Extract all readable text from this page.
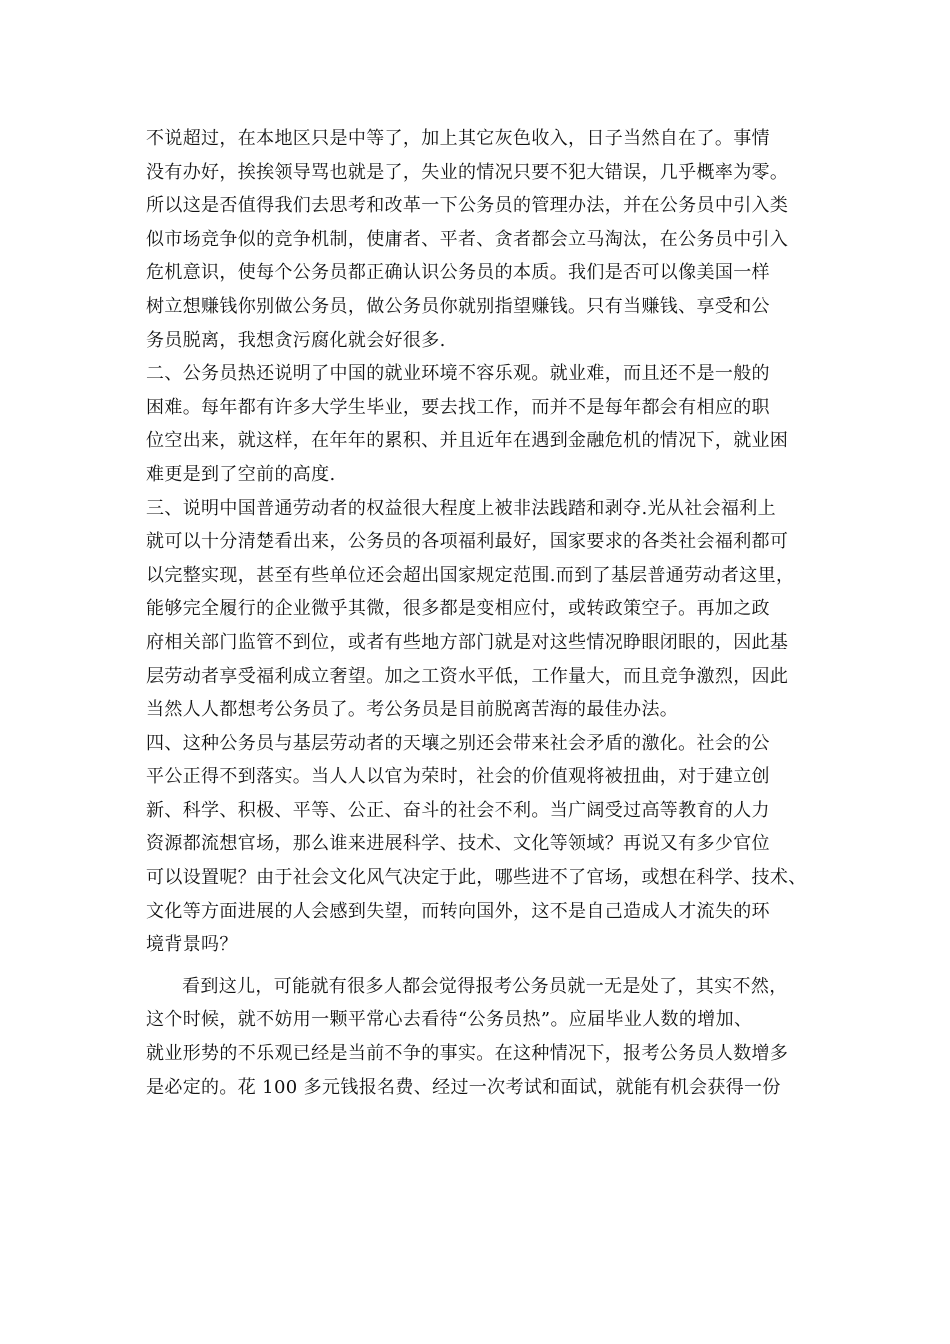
不说超过，在本地区只是中等了，加上其它灰色收入，日子当然自在了。事情
没有办好，挨挨领导骂也就是了，失业的情况只要不犯大错误，几乎概率为零。
所以这是否值得我们去思考和改革一下公务员的管理办法，并在公务员中引入类
似市场竞争似的竞争机制，使庸者、平者、贪者都会立马淘汰，在公务员中引入
危机意识，使每个公务员都正确认识公务员的本质。我们是否可以像美国一样
树立想赚钱你别做公务员，做公务员你就别指望赚钱。只有当赚钱、享受和公
务员脱离，我想贪污腐化就会好很多.
二、公务员热还说明了中国的就业环境不容乐观。就业难，而且还不是一般的
困难。每年都有许多大学生毕业，要去找工作，而并不是每年都会有相应的职
位空出来，就这样，在年年的累积、并且近年在遇到金融危机的情况下，就业困
难更是到了空前的高度.
三、说明中国普通劳动者的权益很大程度上被非法践踏和剥夺.光从社会福利上
就可以十分清楚看出来，公务员的各项福利最好，国家要求的各类社会福利都可
以完整实现，甚至有些单位还会超出国家规定范围.而到了基层普通劳动者这里，
能够完全履行的企业微乎其微，很多都是变相应付，或转政策空子。再加之政
府相关部门监管不到位，或者有些地方部门就是对这些情况睁眼闭眼的，因此基
层劳动者享受福利成立奢望。加之工资水平低，工作量大，而且竞争激烈，因此
当然人人都想考公务员了。考公务员是目前脱离苦海的最佳办法。
四、这种公务员与基层劳动者的天壤之别还会带来社会矛盾的激化。社会的公
平公正得不到落实。当人人以官为荣时，社会的价值观将被扭曲，对于建立创
新、科学、积极、平等、公正、奋斗的社会不利。当广阔受过高等教育的人力
资源都流想官场，那么谁来进展科学、技术、文化等领域？再说又有多少官位
可以设置呢？由于社会文化风气决定于此，哪些进不了官场，或想在科学、技术、
文化等方面进展的人会感到失望，而转向国外，这不是自己造成人才流失的环
境背景吗？
看到这儿，可能就有很多人都会觉得报考公务员就一无是处了，其实不然，
这个时候，就不妨用一颗平常心去看待“公务员热”。应届毕业人数的增加、
就业形势的不乐观已经是当前不争的事实。在这种情况下，报考公务员人数增多
是必定的。花 100 多元钱报名费、经过一次考试和面试，就能有机会获得一份
